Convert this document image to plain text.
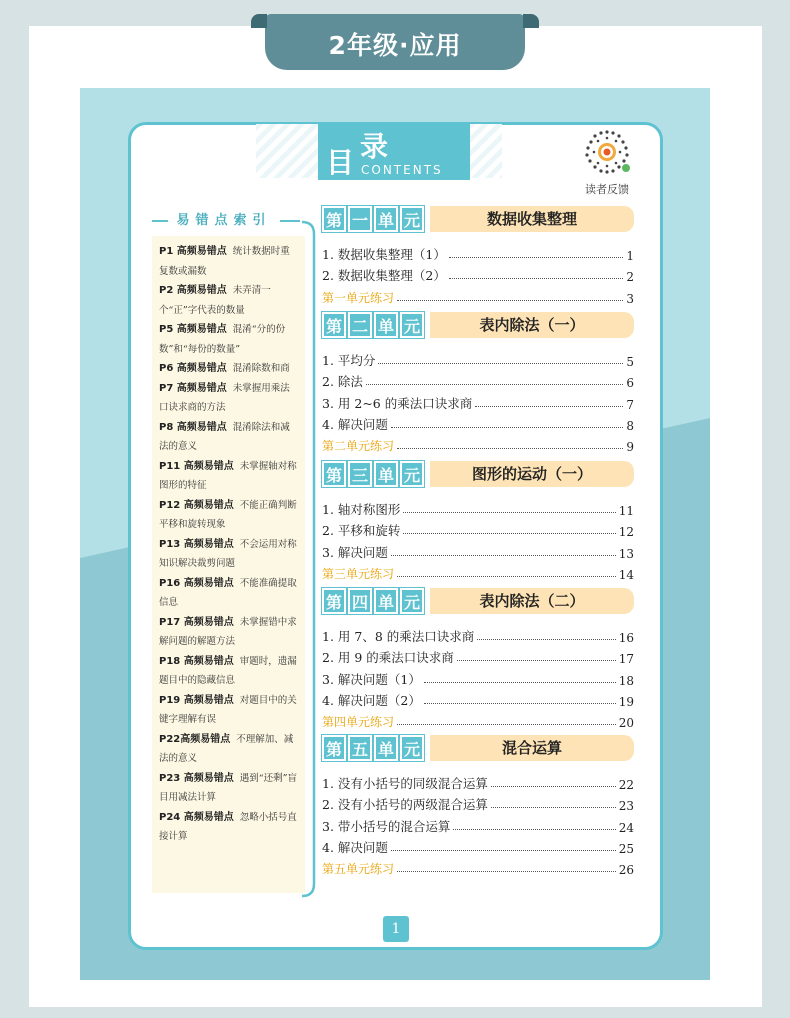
2年级·应用
录
目 CONTENTS
读者反馈
易错点索引
P1 高频易错点 统计数据时重复数或漏数
P2 高频易错点 未弄清一个“正”字代表的数量
P5 高频易错点 混淆“分的份数”和“每份的数量”
P6 高频易错点 混淆除数和商
P7 高频易错点 未掌握用乘法口诀求商的方法
P8 高频易错点 混淆除法和减法的意义
P11 高频易错点 未掌握轴对称图形的特征
P12 高频易错点 不能正确判断平移和旋转现象
P13 高频易错点 不会运用对称知识解决裁剪问题
P16 高频易错点 不能准确提取信息
P17 高频易错点 未掌握错中求解问题的解题方法
P18 高频易错点 审题时，遗漏题目中的隐藏信息
P19 高频易错点 对题目中的关键字理解有误
P22高频易错点 不理解加、减法的意义
P23 高频易错点 遇到“还剩”盲目用减法计算
P24 高频易错点 忽略小括号直接计算
第 一 单 元	数据收集整理
1. 数据收集整理（1）	1
2. 数据收集整理（2）	2
第一单元练习	3
第 二 单 元	表内除法（一）
1. 平均分	5
2. 除法	6
3. 用 2~6 的乘法口诀求商	7
4. 解决问题	8
第二单元练习	9
第 三 单 元	图形的运动（一）
1. 轴对称图形	11
2. 平移和旋转	12
3. 解决问题	13
第三单元练习	14
第 四 单 元	表内除法（二）
1. 用 7、8 的乘法口诀求商	16
2. 用 9 的乘法口诀求商	17
3. 解决问题（1）	18
4. 解决问题（2）	19
第四单元练习	20
第 五 单 元	混合运算
1. 没有小括号的同级混合运算	22
2. 没有小括号的两级混合运算	23
3. 带小括号的混合运算	24
4. 解决问题	25
第五单元练习	26
1
